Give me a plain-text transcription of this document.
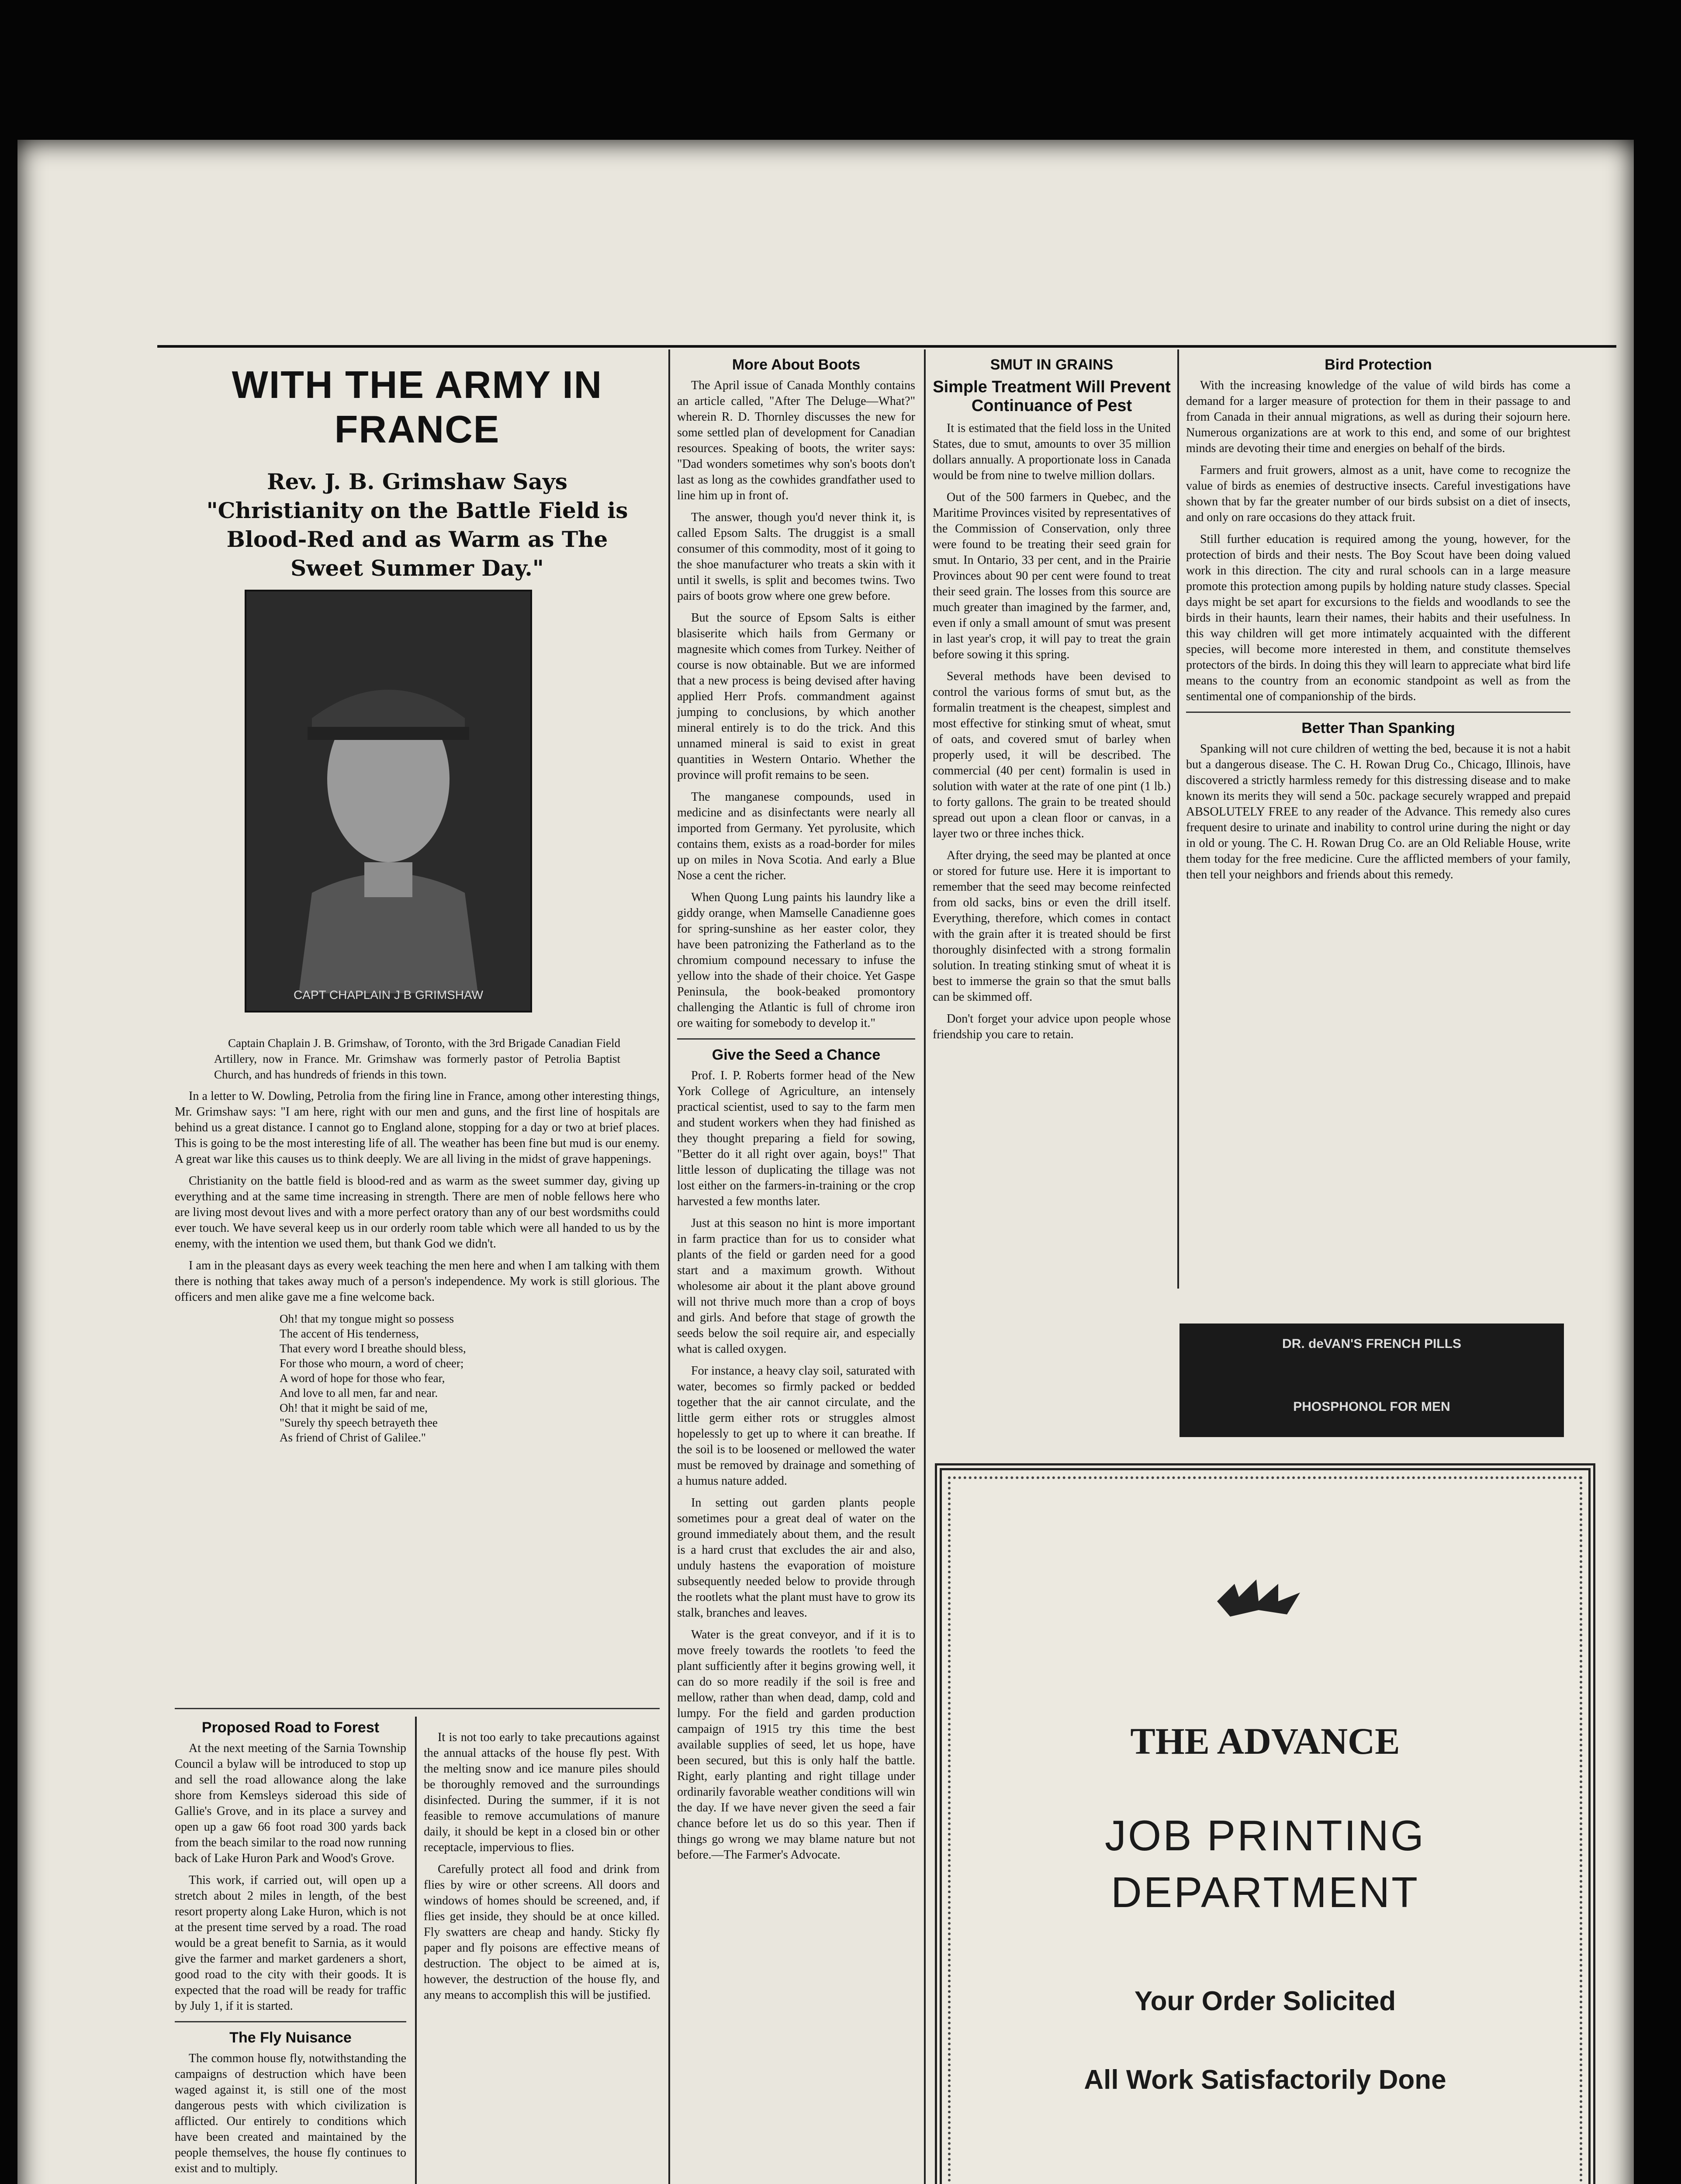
WITH THE ARMY IN FRANCE
Rev. J. B. Grimshaw Says "Christianity on the Battle Field is Blood-Red and as Warm as The Sweet Summer Day."
CAPT CHAPLAIN J B GRIMSHAW

Captain Chaplain J. B. Grimshaw, of Toronto, with the 3rd Brigade Canadian Field Artillery, now in France. Mr. Grimshaw was formerly pastor of Petrolia Baptist Church, and has hundreds of friends in this town.

In a letter to W. Dowling, Petrolia from the firing line in France, among other interesting things, Mr. Grimshaw says: "I am here, right with our men and guns, and the first line of hospitals are behind us a great distance. I cannot go to England alone, stopping for a day or two at brief places. This is going to be the most interesting life of all. The weather has been fine but mud is our enemy. A great war like this causes us to think deeply. We are all living in the midst of grave happenings.

Christianity on the battle field is blood-red and as warm as the sweet summer day, giving up everything and at the same time increasing in strength. There are men of noble fellows here who are living most devout lives and with a more perfect oratory than any of our best wordsmiths could ever touch. We have several keep us in our orderly room table which were all handed to us by the enemy, with the intention we used them, but thank God we didn't.

I am in the pleasant days as every week teaching the men here and when I am talking with them there is nothing that takes away much of a person's independence. My work is still glorious. The officers and men alike gave me a fine welcome back.

Oh! that my tongue might so possess
The accent of His tenderness,
That every word I breathe should bless,
For those who mourn, a word of cheer;
A word of hope for those who fear,
And love to all men, far and near.
Oh! that it might be said of me,
"Surely thy speech betrayeth thee
As friend of Christ of Galilee."
Proposed Road to Forest

At the next meeting of the Sarnia Township Council a bylaw will be introduced to stop up and sell the road allowance along the lake shore from Kemsleys sideroad this side of Gallie's Grove, and in its place a survey and open up a gaw 66 foot road 300 yards back from the beach similar to the road now running back of Lake Huron Park and Wood's Grove.

This work, if carried out, will open up a stretch about 2 miles in length, of the best resort property along Lake Huron, which is not at the present time served by a road. The road would be a great benefit to Sarnia, as it would give the farmer and market gardeners a short, good road to the city with their goods. It is expected that the road will be ready for traffic by July 1, if it is started.

The Fly Nuisance

The common house fly, notwithstanding the campaigns of destruction which have been waged against it, is still one of the most dangerous pests with which civilization is afflicted. Our entirely to conditions which have been created and maintained by the people themselves, the house fly continues to exist and to multiply.

It is not too early to take precautions against the annual attacks of the house fly pest. With the melting snow and ice manure piles should be thoroughly removed and the surroundings disinfected. During the summer, if it is not feasible to remove accumulations of manure daily, it should be kept in a closed bin or other receptacle, impervious to flies.

Carefully protect all food and drink from flies by wire or other screens. All doors and windows of homes should be screened, and, if flies get inside, they should be at once killed. Fly swatters are cheap and handy. Sticky fly paper and fly poisons are effective means of destruction. The object to be aimed at is, however, the destruction of the house fly, and any means to accomplish this will be justified.

More About Boots

The April issue of Canada Monthly contains an article called, "After The Deluge—What?" wherein R. D. Thornley discusses the new for some settled plan of development for Canadian resources. Speaking of boots, the writer says: "Dad wonders sometimes why son's boots don't last as long as the cowhides grandfather used to line him up in front of.

The answer, though you'd never think it, is called Epsom Salts. The druggist is a small consumer of this commodity, most of it going to the shoe manufacturer who treats a skin with it until it swells, is split and becomes twins. Two pairs of boots grow where one grew before.

But the source of Epsom Salts is either blasiserite which hails from Germany or magnesite which comes from Turkey. Neither of course is now obtainable. But we are informed that a new process is being devised after having applied Herr Profs. commandment against jumping to conclusions, by which another mineral entirely is to do the trick. And this unnamed mineral is said to exist in great quantities in Western Ontario. Whether the province will profit remains to be seen.

The manganese compounds, used in medicine and as disinfectants were nearly all imported from Germany. Yet pyrolusite, which contains them, exists as a road-border for miles up on miles in Nova Scotia. And early a Blue Nose a cent the richer.

When Quong Lung paints his laundry like a giddy orange, when Mamselle Canadienne goes for spring-sunshine as her easter color, they have been patronizing the Fatherland as to the chromium compound necessary to infuse the yellow into the shade of their choice. Yet Gaspe Peninsula, the book-beaked promontory challenging the Atlantic is full of chrome iron ore waiting for somebody to develop it."

Give the Seed a Chance

Prof. I. P. Roberts former head of the New York College of Agriculture, an intensely practical scientist, used to say to the farm men and student workers when they had finished as they thought preparing a field for sowing, "Better do it all right over again, boys!" That little lesson of duplicating the tillage was not lost either on the farmers-in-training or the crop harvested a few months later.

Just at this season no hint is more important in farm practice than for us to consider what plants of the field or garden need for a good start and a maximum growth. Without wholesome air about it the plant above ground will not thrive much more than a crop of boys and girls. And before that stage of growth the seeds below the soil require air, and especially what is called oxygen.

For instance, a heavy clay soil, saturated with water, becomes so firmly packed or bedded together that the air cannot circulate, and the little germ either rots or struggles almost hopelessly to get up to where it can breathe. If the soil is to be loosened or mellowed the water must be removed by drainage and something of a humus nature added.

In setting out garden plants people sometimes pour a great deal of water on the ground immediately about them, and the result is a hard crust that excludes the air and also, unduly hastens the evaporation of moisture subsequently needed below to provide through the rootlets what the plant must have to grow its stalk, branches and leaves.

Water is the great conveyor, and if it is to move freely towards the rootlets 'to feed the plant sufficiently after it begins growing well, it can do so more readily if the soil is free and mellow, rather than when dead, damp, cold and lumpy. For the field and garden production campaign of 1915 try this time the best available supplies of seed, let us hope, have been secured, but this is only half the battle. Right, early planting and right tillage under ordinarily favorable weather conditions will win the day. If we have never given the seed a fair chance before let us do so this year. Then if things go wrong we may blame nature but not before.—The Farmer's Advocate.

SMUT IN GRAINS
Simple Treatment Will Prevent Continuance of Pest

It is estimated that the field loss in the United States, due to smut, amounts to over 35 million dollars annually. A proportionate loss in Canada would be from nine to twelve million dollars.

Out of the 500 farmers in Quebec, and the Maritime Provinces visited by representatives of the Commission of Conservation, only three were found to be treating their seed grain for smut. In Ontario, 33 per cent, and in the Prairie Provinces about 90 per cent were found to treat their seed grain. The losses from this source are much greater than imagined by the farmer, and, even if only a small amount of smut was present in last year's crop, it will pay to treat the grain before sowing it this spring.

Several methods have been devised to control the various forms of smut but, as the formalin treatment is the cheapest, simplest and most effective for stinking smut of wheat, smut of oats, and covered smut of barley when properly used, it will be described. The commercial (40 per cent) formalin is used in solution with water at the rate of one pint (1 lb.) to forty gallons. The grain to be treated should spread out upon a clean floor or canvas, in a layer two or three inches thick.

After drying, the seed may be planted at once or stored for future use. Here it is important to remember that the seed may become reinfected from old sacks, bins or even the drill itself. Everything, therefore, which comes in contact with the grain after it is treated should be first thoroughly disinfected with a strong formalin solution. In treating stinking smut of wheat it is best to immerse the grain so that the smut balls can be skimmed off.

Don't forget your advice upon people whose friendship you care to retain.

Bird Protection

With the increasing knowledge of the value of wild birds has come a demand for a larger measure of protection for them in their passage to and from Canada in their annual migrations, as well as during their sojourn here. Numerous organizations are at work to this end, and some of our brightest minds are devoting their time and energies on behalf of the birds.

Farmers and fruit growers, almost as a unit, have come to recognize the value of birds as enemies of destructive insects. Careful investigations have shown that by far the greater number of our birds subsist on a diet of insects, and only on rare occasions do they attack fruit.

Still further education is required among the young, however, for the protection of birds and their nests. The Boy Scout have been doing valued work in this direction. The city and rural schools can in a large measure promote this protection among pupils by holding nature study classes. Special days might be set apart for excursions to the fields and woodlands to see the birds in their haunts, learn their names, their habits and their usefulness. In this way children will get more intimately acquainted with the different species, will become more interested in them, and constitute themselves protectors of the birds. In doing this they will learn to appreciate what bird life means to the country from an economic standpoint as well as from the sentimental one of companionship of the birds.

Better Than Spanking

Spanking will not cure children of wetting the bed, because it is not a habit but a dangerous disease. The C. H. Rowan Drug Co., Chicago, Illinois, have discovered a strictly harmless remedy for this distressing disease and to make known its merits they will send a 50c. package securely wrapped and prepaid ABSOLUTELY FREE to any reader of the Advance. This remedy also cures frequent desire to urinate and inability to control urine during the night or day in old or young. The C. H. Rowan Drug Co. are an Old Reliable House, write them today for the free medicine. Cure the afflicted members of your family, then tell your neighbors and friends about this remedy.

DR. deVAN'S FRENCH PILLS
PHOSPHONOL FOR MEN
THE ADVANCE
JOB PRINTING
DEPARTMENT
Your Order Solicited
All Work Satisfactorily Done
